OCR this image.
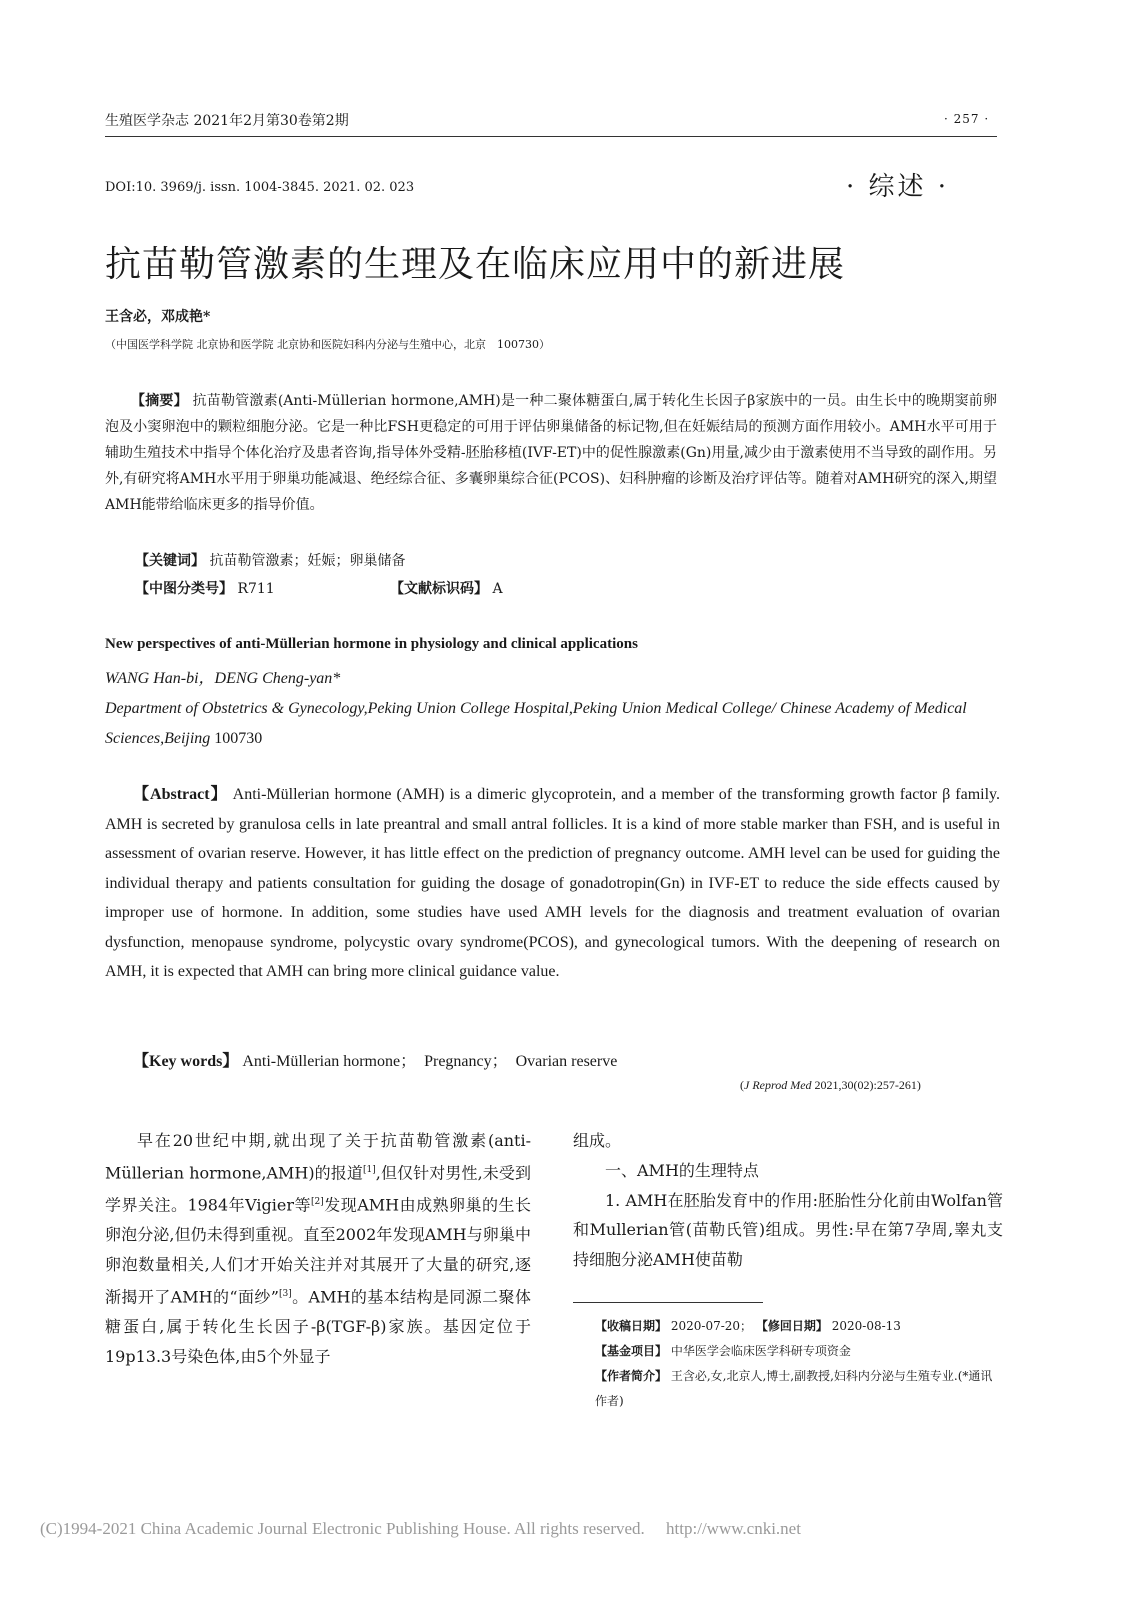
生殖医学杂志 2021年2月第30卷第2期	· 257 ·
DOI:10. 3969/j. issn. 1004-3845. 2021. 02. 023	· 综述 ·
抗苗勒管激素的生理及在临床应用中的新进展
王含必，邓成艳*
（中国医学科学院 北京协和医学院 北京协和医院妇科内分泌与生殖中心，北京　100730）
【摘要】 抗苗勒管激素(Anti-Müllerian hormone,AMH)是一种二聚体糖蛋白,属于转化生长因子β家族中的一员。由生长中的晚期窦前卵泡及小窦卵泡中的颗粒细胞分泌。它是一种比FSH更稳定的可用于评估卵巢储备的标记物,但在妊娠结局的预测方面作用较小。AMH水平可用于辅助生殖技术中指导个体化治疗及患者咨询,指导体外受精-胚胎移植(IVF-ET)中的促性腺激素(Gn)用量,减少由于激素使用不当导致的副作用。另外,有研究将AMH水平用于卵巢功能减退、绝经综合征、多囊卵巢综合征(PCOS)、妇科肿瘤的诊断及治疗评估等。随着对AMH研究的深入,期望AMH能带给临床更多的指导价值。
【关键词】 抗苗勒管激素；妊娠；卵巢储备
【中图分类号】 R711	【文献标识码】 A
New perspectives of anti-Müllerian hormone in physiology and clinical applications
WANG Han-bi，DENG Cheng-yan*
Department of Obstetrics & Gynecology,Peking Union College Hospital,Peking Union Medical College/ Chinese Academy of Medical Sciences,Beijing 100730
【Abstract】 Anti-Müllerian hormone (AMH) is a dimeric glycoprotein, and a member of the transforming growth factor β family. AMH is secreted by granulosa cells in late preantral and small antral follicles. It is a kind of more stable marker than FSH, and is useful in assessment of ovarian reserve. However, it has little effect on the prediction of pregnancy outcome. AMH level can be used for guiding the individual therapy and patients consultation for guiding the dosage of gonadotropin(Gn) in IVF-ET to reduce the side effects caused by improper use of hormone. In addition, some studies have used AMH levels for the diagnosis and treatment evaluation of ovarian dysfunction, menopause syndrome, polycystic ovary syndrome(PCOS), and gynecological tumors. With the deepening of research on AMH, it is expected that AMH can bring more clinical guidance value.
【Key words】 Anti-Müllerian hormone；　Pregnancy；　Ovarian reserve
(J Reprod Med 2021,30(02):257-261)
早在20世纪中期,就出现了关于抗苗勒管激素(anti-Müllerian hormone,AMH)的报道[1],但仅针对男性,未受到学界关注。1984年Vigier等[2]发现AMH由成熟卵巢的生长卵泡分泌,但仍未得到重视。直至2002年发现AMH与卵巢中卵泡数量相关,人们才开始关注并对其展开了大量的研究,逐渐揭开了AMH的“面纱”[3]。AMH的基本结构是同源二聚体糖蛋白,属于转化生长因子-β(TGF-β)家族。基因定位于19p13.3号染色体,由5个外显子

组成。

一、AMH的生理特点

1. AMH在胚胎发育中的作用:胚胎性分化前由Wolfan管和Mullerian管(苗勒氏管)组成。男性:早在第7孕周,睾丸支持细胞分泌AMH使苗勒

【收稿日期】 2020-07-20； 【修回日期】 2020-08-13

【基金项目】 中华医学会临床医学科研专项资金

【作者简介】 王含必,女,北京人,博士,副教授,妇科内分泌与生殖专业.(*通讯作者)

(C)1994-2021 China Academic Journal Electronic Publishing House. All rights reserved.　 http://www.cnki.net
